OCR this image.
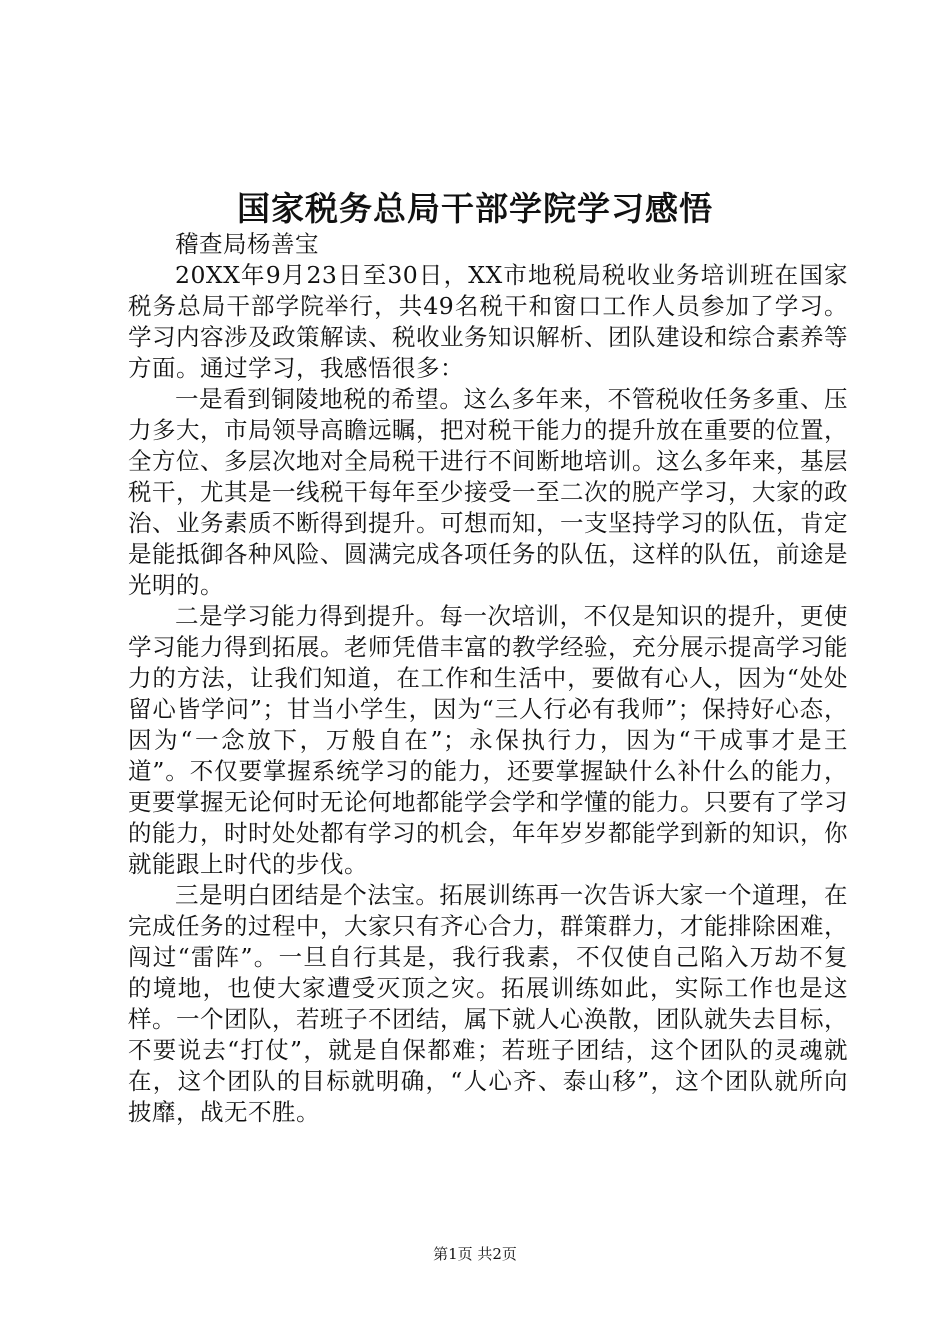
国家税务总局干部学院学习感悟

稽查局杨善宝

20XX年9月23日至30日，XX市地税局税收业务培训班在国家税务总局干部学院举行，共49名税干和窗口工作人员参加了学习。学习内容涉及政策解读、税收业务知识解析、团队建设和综合素养等方面。通过学习，我感悟很多：

一是看到铜陵地税的希望。这么多年来，不管税收任务多重、压力多大，市局领导高瞻远瞩，把对税干能力的提升放在重要的位置，全方位、多层次地对全局税干进行不间断地培训。这么多年来，基层税干，尤其是一线税干每年至少接受一至二次的脱产学习，大家的政治、业务素质不断得到提升。可想而知，一支坚持学习的队伍，肯定是能抵御各种风险、圆满完成各项任务的队伍，这样的队伍，前途是光明的。

二是学习能力得到提升。每一次培训，不仅是知识的提升，更使学习能力得到拓展。老师凭借丰富的教学经验，充分展示提高学习能力的方法，让我们知道，在工作和生活中，要做有心人，因为“处处留心皆学问”；甘当小学生，因为“三人行必有我师”；保持好心态，因为“一念放下，万般自在”；永保执行力，因为“干成事才是王道”。不仅要掌握系统学习的能力，还要掌握缺什么补什么的能力，更要掌握无论何时无论何地都能学会学和学懂的能力。只要有了学习的能力，时时处处都有学习的机会，年年岁岁都能学到新的知识，你就能跟上时代的步伐。

三是明白团结是个法宝。拓展训练再一次告诉大家一个道理，在完成任务的过程中，大家只有齐心合力，群策群力，才能排除困难，闯过“雷阵”。一旦自行其是，我行我素，不仅使自己陷入万劫不复的境地，也使大家遭受灭顶之灾。拓展训练如此，实际工作也是这样。一个团队，若班子不团结，属下就人心涣散，团队就失去目标，不要说去“打仗”，就是自保都难；若班子团结，这个团队的灵魂就在，这个团队的目标就明确，“人心齐、泰山移”，这个团队就所向披靡，战无不胜。

第1页 共2页
